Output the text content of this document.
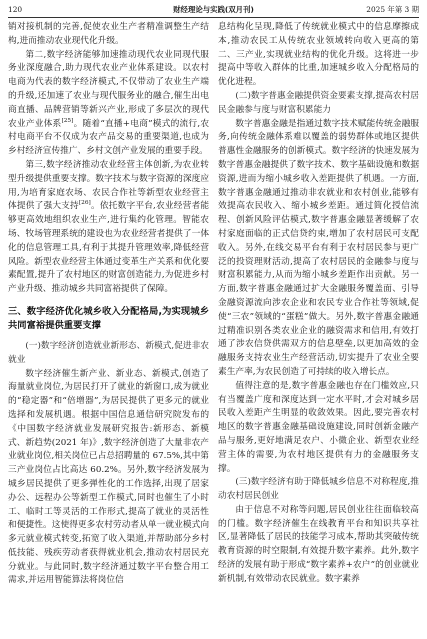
120	财经理论与实践(双月刊)	2025 年第 3 期

销对接机制的完善,促使农业生产者精准调整生产结构,进而推动农业现代化升级。

第二,数字经济能够加速推动现代农业同现代服务业深度融合,助力现代农业产业体系建设。以农村电商为代表的数字经济模式,不仅带动了农业生产端的升级,还加速了农业与现代服务业的融合,催生出电商直播、品牌营销等新兴产业,形成了多层次的现代农业产业体系[25]。随着“直播+电商”模式的流行,农村电商平台不仅成为农产品交易的重要渠道,也成为乡村经济宣传推广、乡村文创产业发展的重要手段。

第三,数字经济推动农业经营主体创新,为农业转型升级提供重要支撑。数字技术与数字资源的深度应用,为培育家庭农场、农民合作社等新型农业经营主体提供了强大支持[26]。依托数字平台,农业经营者能够更高效地组织农业生产,进行集约化管理。智能农场、牧场管理系统的建设也为农业经营者提供了一体化的信息管理工具,有利于其提升管理效率,降低经营风险。新型农业经营主体通过变革生产关系和优化要素配置,提升了农村地区的财富创造能力,为促进乡村产业升级、推动城乡共同富裕提供了保障。

三、数字经济优化城乡收入分配格局,为实现城乡共同富裕提供重要支撑

(一)数字经济创造就业新形态、新模式,促进非农就业

数字经济催生新产业、新业态、新模式,创造了海量就业岗位,为居民打开了就业的新窗口,成为就业的“稳定器”和“倍增器”,为居民提供了更多元的就业选择和发展机遇。根据中国信息通信研究院发布的《中国数字经济就业发展研究报告:新形态、新模式、新趋势(2021 年)》,数字经济创造了大量非农产业就业岗位,相关岗位已占总招聘量的 67.5%,其中第三产业岗位占比高达 60.2%。另外,数字经济发展为城乡居民提供了更多弹性化的工作选择,出现了居家办公、远程办公等新型工作模式,同时也催生了小时工、临时工等灵活的工作形式,提高了就业的灵活性和便捷性。这使得更多农村劳动者从单一就业模式向多元就业模式转变,拓宽了收入渠道,并帮助部分乡村低技能、残疾劳动者获得就业机会,推动农村居民充分就业。与此同时,数字经济通过数字平台整合用工需求,并运用智能算法将岗位信

息结构化呈现,降低了传统就业模式中的信息摩擦成本,推动农民工从传统农业领域转向收入更高的第二、三产业,实现就业结构的优化升级。这将进一步提高中等收入群体的比重,加速城乡收入分配格局的优化进程。

(二)数字普惠金融提供资金要素支撑,提高农村居民金融参与度与财富积累能力

数字普惠金融是指通过数字技术赋能传统金融服务,向传统金融体系难以覆盖的弱势群体或地区提供普惠性金融服务的创新模式。数字经济的快速发展为数字普惠金融提供了数字技术、数字基础设施和数据资源,进而为缩小城乡收入差距提供了机遇。一方面,数字普惠金融通过推动非农就业和农村创业,能够有效提高农民收入、缩小城乡差距。通过简化授信流程、创新风险评估模式,数字普惠金融显著缓解了农村家庭面临的正式信贷约束,增加了农村居民可支配收入。另外,在线交易平台有利于农村居民参与更广泛的投资理财活动,提高了农村居民的金融参与度与财富积累能力,从而为缩小城乡差距作出贡献。另一方面,数字普惠金融通过扩大金融服务覆盖面、引导金融资源流向涉农企业和农民专业合作社等领域,促使“三农”领域的“蛋糕”做大。另外,数字普惠金融通过精准识别各类农业企业的融资需求和信用,有效打通了涉农信贷供需双方的信息壁垒,以更加高效的金融服务支持农业生产经营活动,切实提升了农业全要素生产率,为农民创造了可持续的收入增长点。

值得注意的是,数字普惠金融也存在门槛效应,只有当覆盖广度和深度达到一定水平时,才会对城乡居民收入差距产生明显的收敛效果。因此,要完善农村地区的数字普惠金融基础设施建设,同时创新金融产品与服务,更好地满足农户、小微企业、新型农业经营主体的需要,为农村地区提供有力的金融服务支撑。

(三)数字经济有助于降低城乡信息不对称程度,推动农村居民创业

由于信息不对称等问题,居民创业往往面临较高的门槛。数字经济催生在线教育平台和知识共享社区,显著降低了居民的技能学习成本,帮助其突破传统教育资源的时空限制,有效提升数字素养。此外,数字经济的发展有助于形成“数字素养+农户”的创业就业新机制,有效带动农民就业。数字素养
